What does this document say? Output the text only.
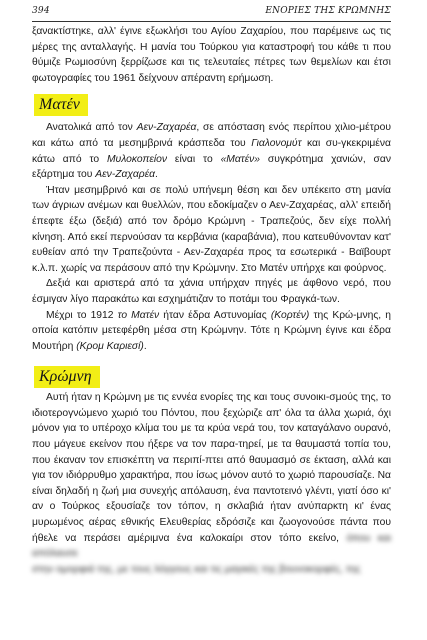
394	ΕΝΟΡΙΕΣ ΤΗΣ ΚΡΩΜΝΗΣ

ξανακτίστηκε, αλλ' έγινε εξωκλήσι του Αγίου Ζαχαρίου, που παρέμεινε ως τις μέρες της ανταλλαγής. Η μανία του Τούρκου για καταστροφή του κάθε τι που θύμιζε Ρωμιοσύνη ξερρίζωσε και τις τελευταίες πέτρες των θεμελίων και έτσι φωτογραφίες του 1961 δείχνουν απέραντη ερήμωση.

Ματέν

Ανατολικά από τον Αεν-Ζαχαρέα, σε απόσταση ενός περίπου χιλιο-μέτρου και κάτω από τα μεσημβρινά κράσπεδα του Γιαλονομύτ και συ-γκεκριμένα κάτω από το Μυλοκοπείον είναι το «Ματέν» συγκρότημα χανιών, σαν εξάρτημα του Αεν-Ζαχαρέα.

Ήταν μεσημβρινό και σε πολύ υπήνεμη θέση και δεν υπέκειτο στη μανία των άγριων ανέμων και θυελλών, που εδοκίμαζεν ο Αεν-Ζαχαρέας, αλλ' επειδή έπεφτε έξω (δεξιά) από τον δρόμο Κρώμνη - Τραπεζούς, δεν είχε πολλή κίνηση. Από εκεί περνούσαν τα κερβάνια (καραβάνια), που κατευθύνονταν κατ' ευθείαν από την Τραπεζούντα - Αεν-Ζαχαρέα προς τα εσωτερικά - Βαϊβουρτ κ.λ.π. χωρίς να περάσουν από την Κρώμνην. Στο Ματέν υπήρχε και φούρνος.

Δεξιά και αριστερά από τα χάνια υπήρχαν πηγές με άφθονο νερό, που έσμιγαν λίγο παρακάτω και εσχημάτιζαν το ποτάμι του Φραγκά-των.

Μέχρι το 1912 το Ματέν ήταν έδρα Αστυνομίας (Κορτέν) της Κρώ-μνης, η οποία κατόπιν μετεφέρθη μέσα στη Κρώμνην. Τότε η Κρώμνη έγινε και έδρα Μουτήρη (Κρομ Καριεσί).

Κρώμνη

Αυτή ήταν η Κρώμνη με τις εννέα ενορίες της και τους συνοικι-σμούς της, το ιδιοτερογνώμενο χωριό του Πόντου, που ξεχώριζε απ' όλα τα άλλα χωριά, όχι μόνον για το υπέροχο κλίμα του με τα κρύα νερά του, τον καταγάλανο ουρανό, που μάγευε εκείνον που ήξερε να τον παρα-τηρεί, με τα θαυμαστά τοπία του, που έκαναν τον επισκέπτη να περιπί-πτει από θαυμασμό σε έκταση, αλλά και για τον ιδιόρρυθμο χαρακτήρα, που ίσως μόνον αυτό το χωριό παρουσίαζε. Να είναι δηλαδή η ζωή μια συνεχής απόλαυση, ένα παντοτεινό γλέντι, γιατί όσο κι' αν ο Τούρκος εξουσίαζε τον τόπον, η σκλαβιά ήταν ανύπαρκτη κι' ένας μυρωμένος αέρας εθνικής Ελευθερίας εδρόσιζε και ζωογονούσε πάντα που ήθελε να περάσει αμέριμνα ένα καλοκαίρι στον τόπο εκείνο, όπου και απόλαυσε

στην ομορφιά της, με τους λόγγους και τις μαγικές της βουνοκορφές, της
